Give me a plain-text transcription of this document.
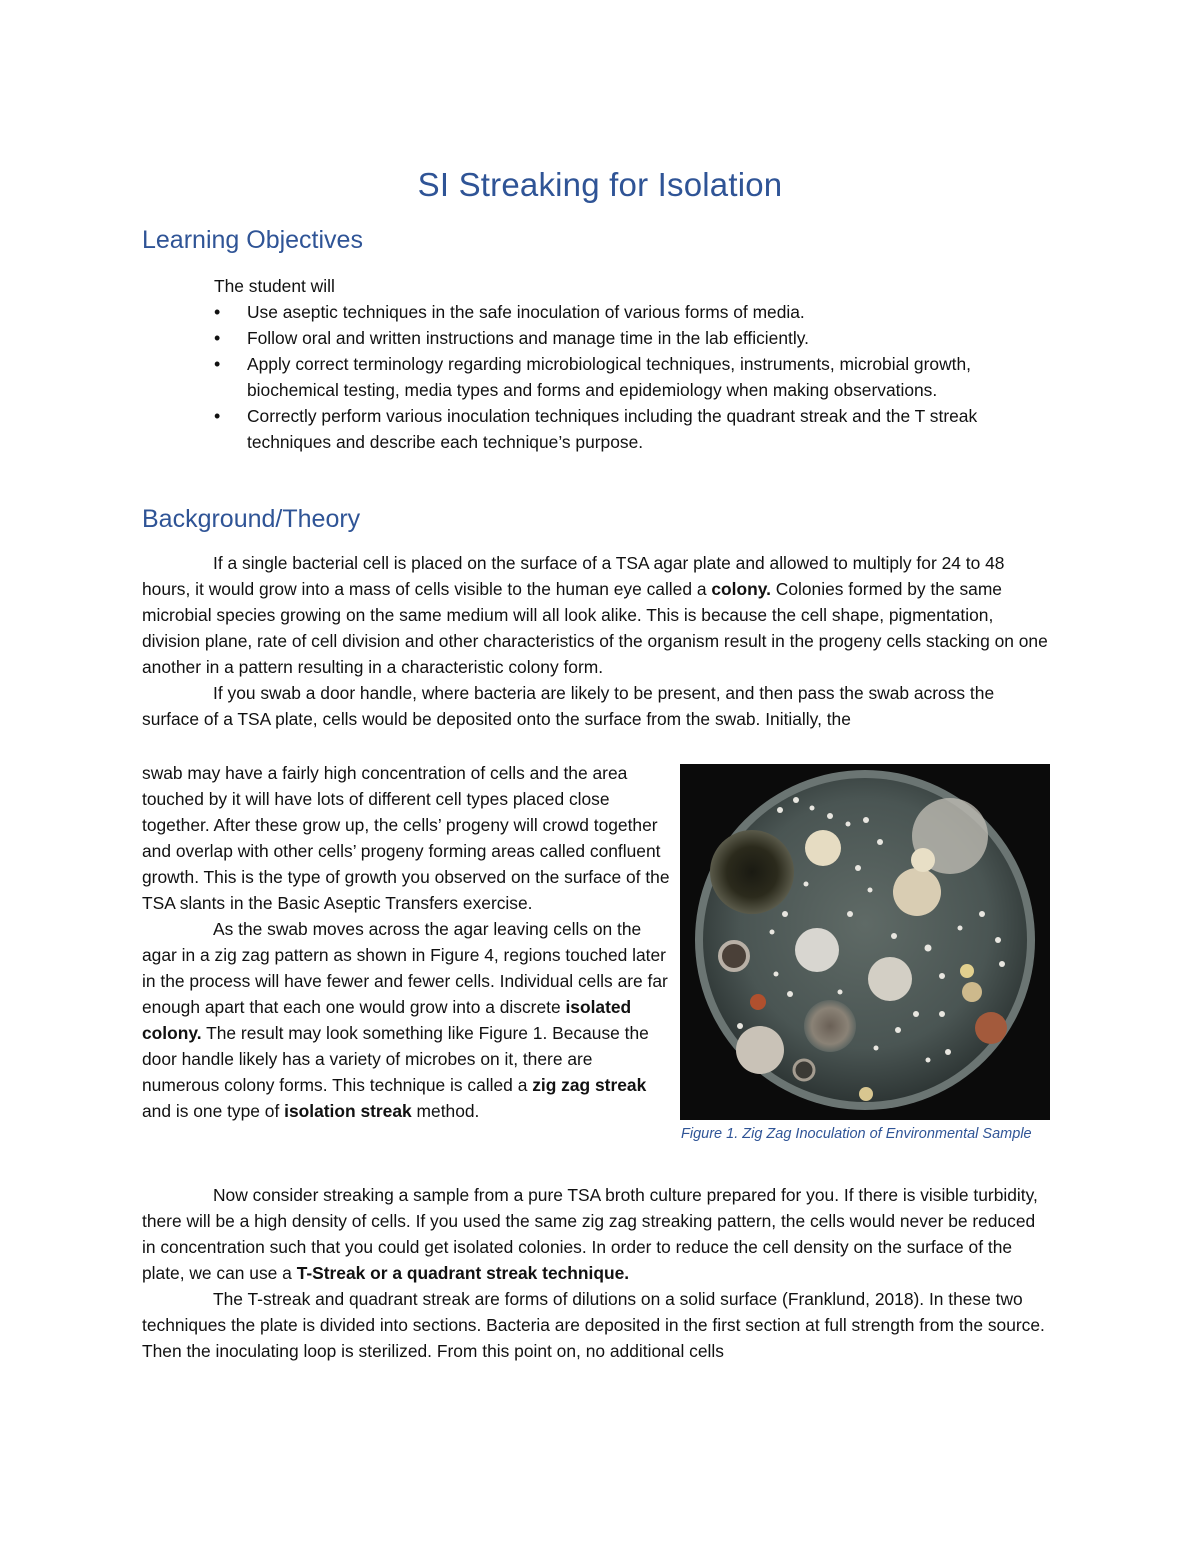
SI Streaking for Isolation
Learning Objectives

The student will

• Use aseptic techniques in the safe inoculation of various forms of media.
• Follow oral and written instructions and manage time in the lab efficiently.
• Apply correct terminology regarding microbiological techniques, instruments, microbial growth, biochemical testing, media types and forms and epidemiology when making observations.
• Correctly perform various inoculation techniques including the quadrant streak and the T streak techniques and describe each technique’s purpose.
Background/Theory

If a single bacterial cell is placed on the surface of a TSA agar plate and allowed to multiply for 24 to 48 hours, it would grow into a mass of cells visible to the human eye called a colony. Colonies formed by the same microbial species growing on the same medium will all look alike. This is because the cell shape, pigmentation, division plane, rate of cell division and other characteristics of the organism result in the progeny cells stacking on one another in a pattern resulting in a characteristic colony form.

If you swab a door handle, where bacteria are likely to be present, and then pass the swab across the surface of a TSA plate, cells would be deposited onto the surface from the swab. Initially, the

swab may have a fairly high concentration of cells and the area touched by it will have lots of different cell types placed close together. After these grow up, the cells’ progeny will crowd together and overlap with other cells’ progeny forming areas called confluent growth. This is the type of growth you observed on the surface of the TSA slants in the Basic Aseptic Transfers exercise.

As the swab moves across the agar leaving cells on the agar in a zig zag pattern as shown in Figure 4, regions touched later in the process will have fewer and fewer cells. Individual cells are far enough apart that each one would grow into a discrete isolated colony. The result may look something like Figure 1. Because the door handle likely has a variety of microbes on it, there are numerous colony forms. This technique is called a zig zag streak and is one type of isolation streak method.

Figure 1. Zig Zag Inoculation of Environmental Sample

Now consider streaking a sample from a pure TSA broth culture prepared for you. If there is visible turbidity, there will be a high density of cells. If you used the same zig zag streaking pattern, the cells would never be reduced in concentration such that you could get isolated colonies. In order to reduce the cell density on the surface of the plate, we can use a T-Streak or a quadrant streak technique.

The T-streak and quadrant streak are forms of dilutions on a solid surface (Franklund, 2018). In these two techniques the plate is divided into sections. Bacteria are deposited in the first section at full strength from the source. Then the inoculating loop is sterilized. From this point on, no additional cells
